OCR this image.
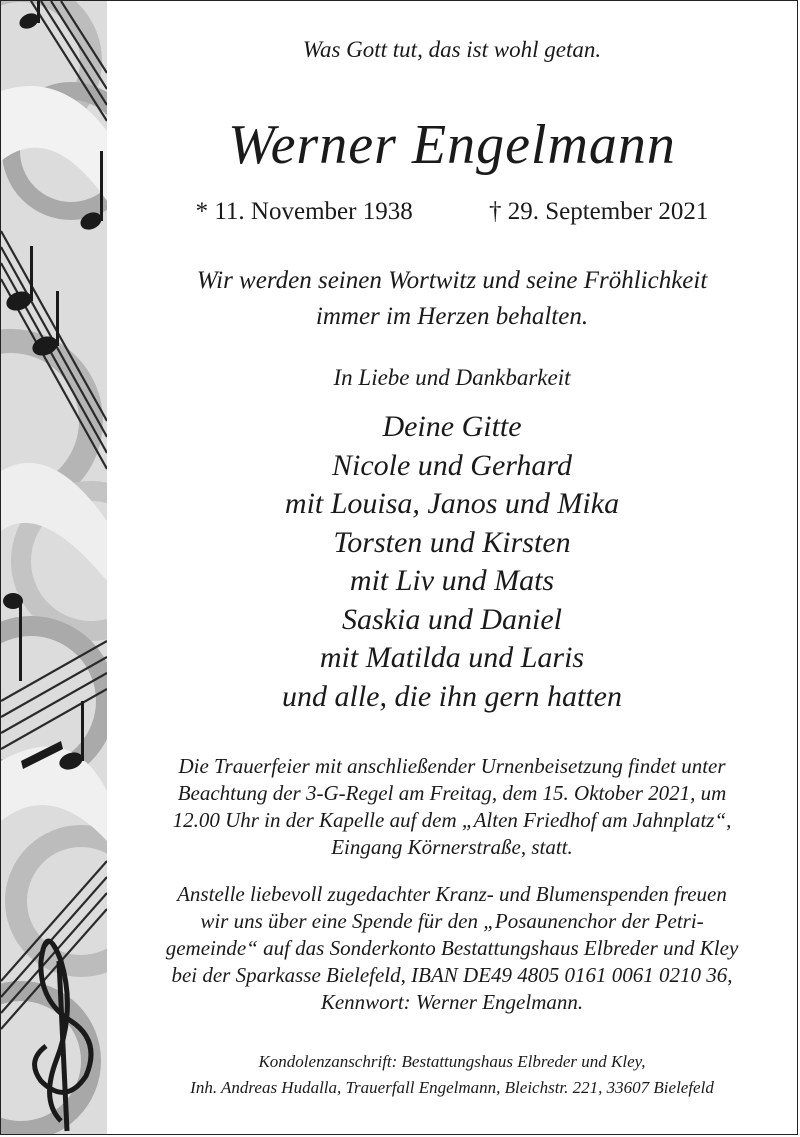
Was Gott tut, das ist wohl getan.
Werner Engelmann
* 11. November 1938	† 29. September 2021
Wir werden seinen Wortwitz und seine Fröhlichkeit
immer im Herzen behalten.
In Liebe und Dankbarkeit
Deine Gitte
Nicole und Gerhard
mit Louisa, Janos und Mika
Torsten und Kirsten
mit Liv und Mats
Saskia und Daniel
mit Matilda und Laris
und alle, die ihn gern hatten
Die Trauerfeier mit anschließender Urnenbeisetzung findet unter
Beachtung der 3-G-Regel am Freitag, dem 15. Oktober 2021, um
12.00 Uhr in der Kapelle auf dem „Alten Friedhof am Jahnplatz“,
Eingang Körnerstraße, statt.
Anstelle liebevoll zugedachter Kranz- und Blumenspenden freuen
wir uns über eine Spende für den „Posaunenchor der Petri-
gemeinde“ auf das Sonderkonto Bestattungshaus Elbreder und Kley
bei der Sparkasse Bielefeld, IBAN DE49 4805 0161 0061 0210 36,
Kennwort: Werner Engelmann.
Kondolenzanschrift: Bestattungshaus Elbreder und Kley,
Inh. Andreas Hudalla, Trauerfall Engelmann, Bleichstr. 221, 33607 Bielefeld
